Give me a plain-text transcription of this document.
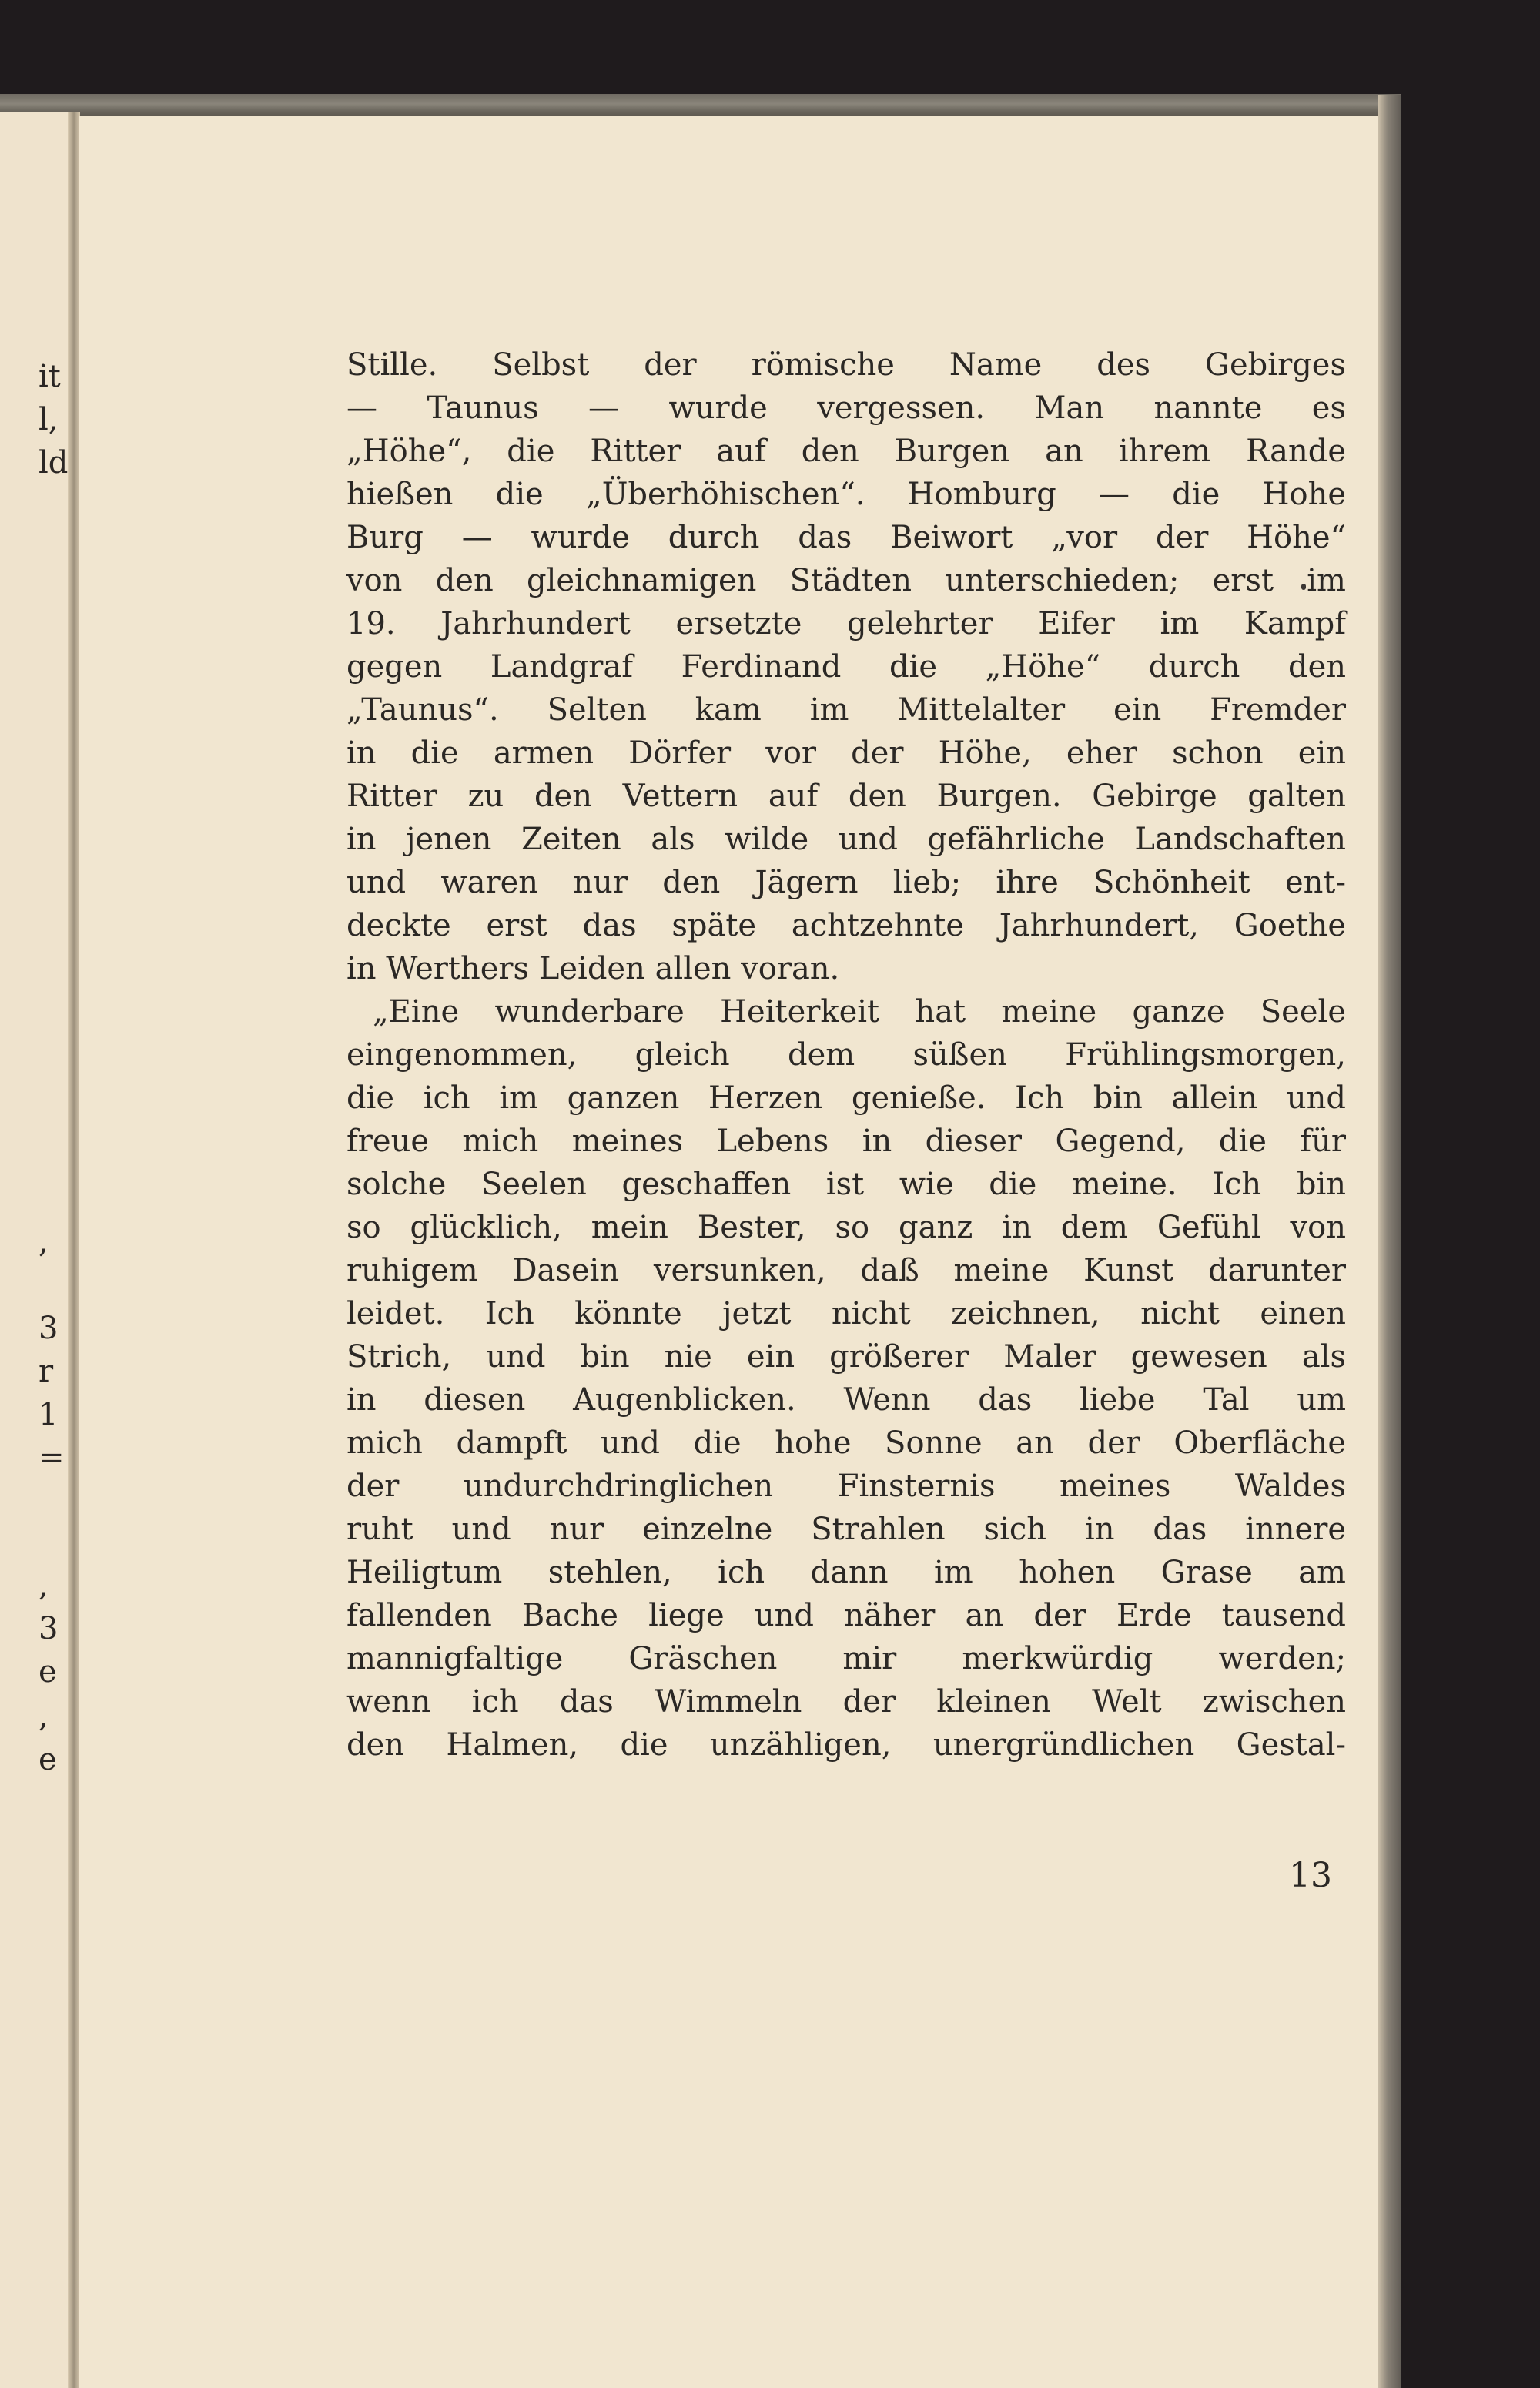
it
l,
ld
,
3
r
1
=
,
3
e
,
e
Stille. Selbst der römische Name des Gebirges
— Taunus — wurde vergessen. Man nannte es
„Höhe“, die Ritter auf den Burgen an ihrem Rande
hießen die „Überhöhischen“. Homburg — die Hohe
Burg — wurde durch das Beiwort „vor der Höhe“
von den gleichnamigen Städten unterschieden; erst im
19. Jahrhundert ersetzte gelehrter Eifer im Kampf
gegen Landgraf Ferdinand die „Höhe“ durch den
„Taunus“. Selten kam im Mittelalter ein Fremder
in die armen Dörfer vor der Höhe, eher schon ein
Ritter zu den Vettern auf den Burgen. Gebirge galten
in jenen Zeiten als wilde und gefährliche Landschaften
und waren nur den Jägern lieb; ihre Schönheit ent-
deckte erst das späte achtzehnte Jahrhundert, Goethe
in Werthers Leiden allen voran.
„Eine wunderbare Heiterkeit hat meine ganze Seele
eingenommen, gleich dem süßen Frühlingsmorgen,
die ich im ganzen Herzen genieße. Ich bin allein und
freue mich meines Lebens in dieser Gegend, die für
solche Seelen geschaffen ist wie die meine. Ich bin
so glücklich, mein Bester, so ganz in dem Gefühl von
ruhigem Dasein versunken, daß meine Kunst darunter
leidet. Ich könnte jetzt nicht zeichnen, nicht einen
Strich, und bin nie ein größerer Maler gewesen als
in diesen Augenblicken. Wenn das liebe Tal um
mich dampft und die hohe Sonne an der Oberfläche
der undurchdringlichen Finsternis meines Waldes
ruht und nur einzelne Strahlen sich in das innere
Heiligtum stehlen, ich dann im hohen Grase am
fallenden Bache liege und näher an der Erde tausend
mannigfaltige Gräschen mir merkwürdig werden;
wenn ich das Wimmeln der kleinen Welt zwischen
den Halmen, die unzähligen, unergründlichen Gestal-
13
